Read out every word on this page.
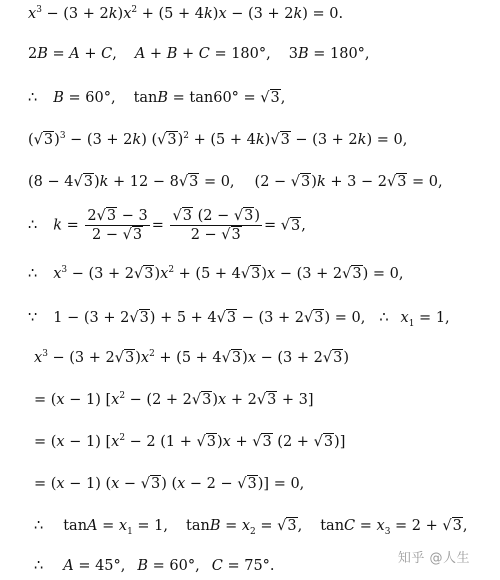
$x^3 - (3 + 2k)x^2 + (5 + 4k)x - (3 + 2k) = 0$.
2B = A + C, A + B + C = 180°, 3B = 180°,
∴ B = 60°, tanB = tan60° = √3,
$(√3)^3 - (3 + 2k) (√3)^2 + (5 + 4k)√3 - (3 + 2k) = 0$,
(8 − 4√3)k + 12 − 8√3 = 0, (2 − √3)k + 3 − 2√3 = 0,
∴ $k = \frac{2√3 - 3}{2 - √3} = \frac{√3 (2 - √3)}{2 - √3} = √3$,
∴ $x^3 - (3 + 2√3)x^2 + (5 + 4√3)x - (3 + 2√3) = 0$,
∵ 1 − (3 + 2√3) + 5 + 4√3 − (3 + 2√3) = 0, ∴ $x_1 = 1$,
$x^3 - (3 + 2√3)x^2 + (5 + 4√3)x - (3 + 2√3)$
= (x − 1) $[x^2 - (2 + 2√3)x + 2√3 + 3]$
= (x − 1) [$x^2 - 2$ (1 + √3)x + √3 (2 + √3)]
= (x − 1) (x − √3) (x − 2 − √3)] = 0,
∴ $\tan A = x_1 = 1$, $\tan B = x_2 = √3$, $\tan C = x_3 = 2 + √3$,
∴ A = 45°, B = 60°, C = 75°.	知乎 @人生
